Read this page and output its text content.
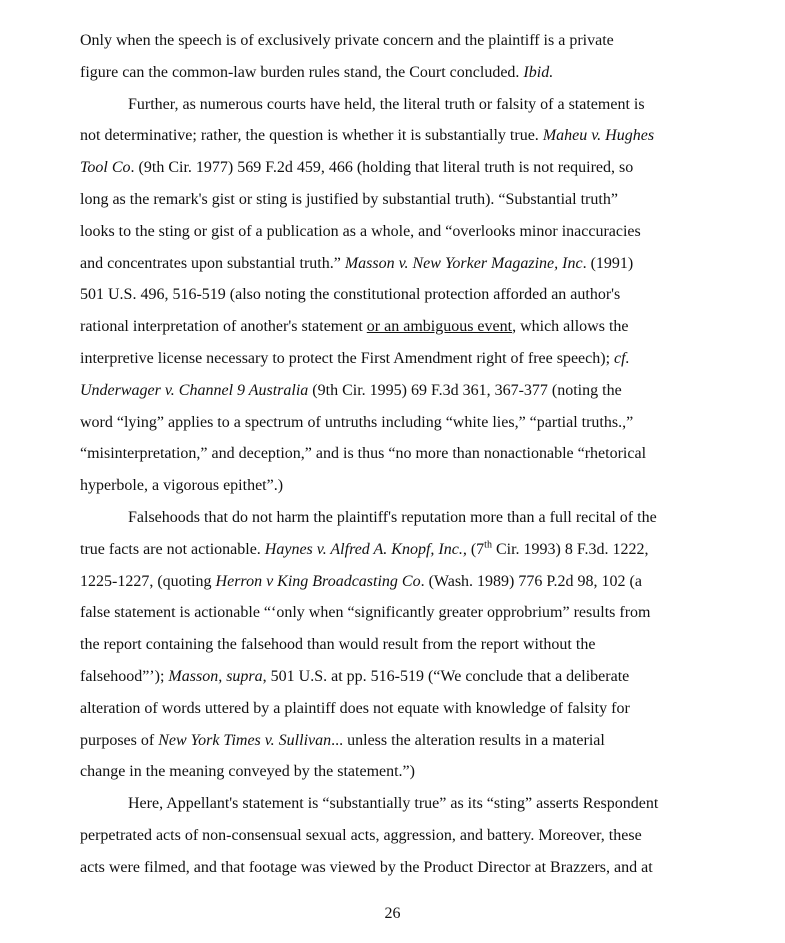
Only when the speech is of exclusively private concern and the plaintiff is a private
figure can the common-law burden rules stand, the Court concluded. Ibid.
Further, as numerous courts have held, the literal truth or falsity of a statement is
not determinative; rather, the question is whether it is substantially true. Maheu v. Hughes
Tool Co. (9th Cir. 1977) 569 F.2d 459, 466 (holding that literal truth is not required, so
long as the remark's gist or sting is justified by substantial truth). “Substantial truth”
looks to the sting or gist of a publication as a whole, and “overlooks minor inaccuracies
and concentrates upon substantial truth.” Masson v. New Yorker Magazine, Inc. (1991)
501 U.S. 496, 516-519 (also noting the constitutional protection afforded an author's
rational interpretation of another's statement or an ambiguous event, which allows the
interpretive license necessary to protect the First Amendment right of free speech); cf.
Underwager v. Channel 9 Australia (9th Cir. 1995) 69 F.3d 361, 367-377 (noting the
word “lying” applies to a spectrum of untruths including “white lies,” “partial truths.,”
“misinterpretation,” and deception,” and is thus “no more than nonactionable “rhetorical
hyperbole, a vigorous epithet”.)
Falsehoods that do not harm the plaintiff's reputation more than a full recital of the
true facts are not actionable. Haynes v. Alfred A. Knopf, Inc., (7th Cir. 1993) 8 F.3d. 1222,
1225-1227, (quoting Herron v King Broadcasting Co. (Wash. 1989) 776 P.2d 98, 102 (a
false statement is actionable “‘only when “significantly greater opprobrium” results from
the report containing the falsehood than would result from the report without the
falsehood”’); Masson, supra, 501 U.S. at pp. 516-519 (“We conclude that a deliberate
alteration of words uttered by a plaintiff does not equate with knowledge of falsity for
purposes of New York Times v. Sullivan... unless the alteration results in a material
change in the meaning conveyed by the statement.”)
Here, Appellant's statement is “substantially true” as its “sting” asserts Respondent
perpetrated acts of non-consensual sexual acts, aggression, and battery. Moreover, these
acts were filmed, and that footage was viewed by the Product Director at Brazzers, and at
26
